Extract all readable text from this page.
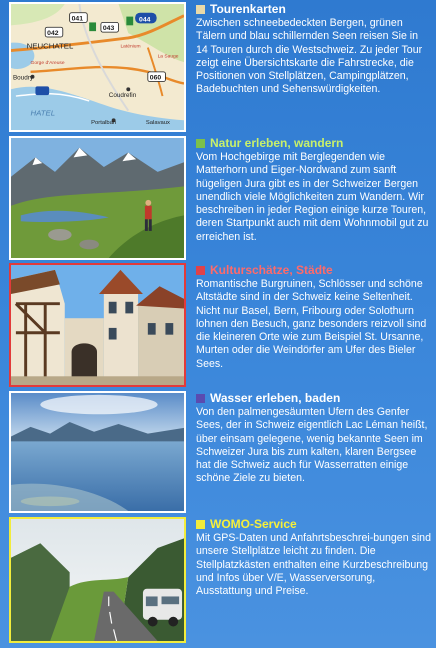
041
043
044
042
060
NEUCHATEL
Boudry
Gorge d'Areuse
Laténium
La Sauge
Coudrefin
Portalban	Salavaux
HATEL
Tourenkarten
Zwischen schneebedeckten Bergen, grünen Tälern und blau schillernden Seen reisen Sie in 14 Touren durch die Westschweiz. Zu jeder Tour zeigt eine Übersichtskarte die Fahrstrecke, die Positionen von Stellplätzen, Campingplätzen, Badebuchten und Sehenswürdigkeiten.
Natur erleben, wandern
Vom Hochgebirge mit Berglegenden wie Matterhorn und Eiger-Nordwand zum sanft hügeligen Jura gibt es in der Schweizer Bergen unendlich viele Möglichkeiten zum Wandern. Wir beschreiben in jeder Region einige kurze Touren, deren Startpunkt auch mit dem Wohnmobil gut zu erreichen ist.
Kulturschätze, Städte
Romantische Burgruinen, Schlösser und schöne Altstädte sind in der Schweiz keine Seltenheit. Nicht nur Basel, Bern, Fribourg oder Solothurn lohnen den Besuch, ganz besonders reizvoll sind die kleineren Orte wie zum Beispiel St. Ursanne, Murten oder die Weindörfer am Ufer des Bieler Sees.
Wasser erleben, baden
Von den palmengesäumten Ufern des Genfer Sees, der in Schweiz eigentlich Lac Léman heißt, über einsam gelegene, wenig bekannte Seen im Schweizer Jura bis zum kalten, klaren Bergsee hat die Schweiz auch für Wasserratten einige schöne Ziele zu bieten.
WOMO-Service
Mit GPS-Daten und Anfahrtsbeschrei-bungen sind unsere Stellplätze leicht zu finden. Die Stellplatzkästen enthalten eine Kurzbeschreibung und Infos über V/E, Wasserversorung, Ausstattung und Preise.
